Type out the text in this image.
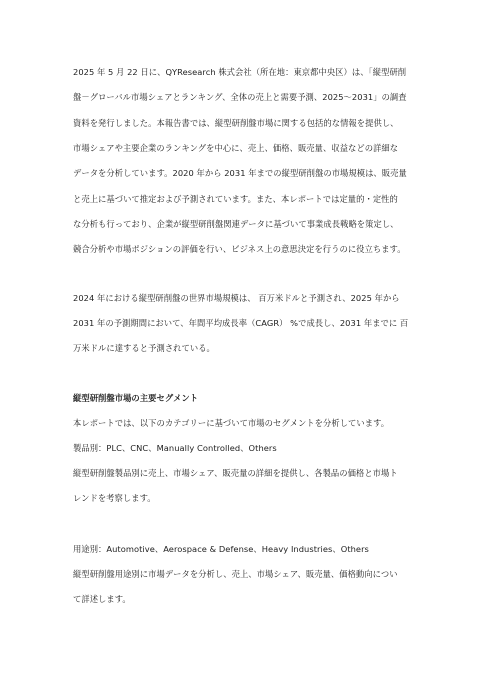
2025 年 5 月 22 日に、QYResearch 株式会社（所在地：東京都中央区）は、「縦型研削
盤－グローバル市場シェアとランキング、全体の売上と需要予測、2025～2031」の調査
資料を発行しました。本報告書では、縦型研削盤市場に関する包括的な情報を提供し、
市場シェアや主要企業のランキングを中心に、売上、価格、販売量、収益などの詳細な
データを分析しています。2020 年から 2031 年までの縦型研削盤の市場規模は、販売量
と売上に基づいて推定および予測されています。また、本レポートでは定量的・定性的
な分析も行っており、企業が縦型研削盤関連データに基づいて事業成長戦略を策定し、
競合分析や市場ポジションの評価を行い、ビジネス上の意思決定を行うのに役立ちます。
2024 年における縦型研削盤の世界市場規模は、 百万米ドルと予測され、2025 年から
2031 年の予測期間において、年間平均成長率（CAGR） %で成長し、2031 年までに 百
万米ドルに達すると予測されている。
縦型研削盤市場の主要セグメント
本レポートでは、以下のカテゴリーに基づいて市場のセグメントを分析しています。
製品別：PLC、CNC、Manually Controlled、Others
縦型研削盤製品別に売上、市場シェア、販売量の詳細を提供し、各製品の価格と市場ト
レンドを考察します。
用途別：Automotive、Aerospace & Defense、Heavy Industries、Others
縦型研削盤用途別に市場データを分析し、売上、市場シェア、販売量、価格動向につい
て詳述します。
